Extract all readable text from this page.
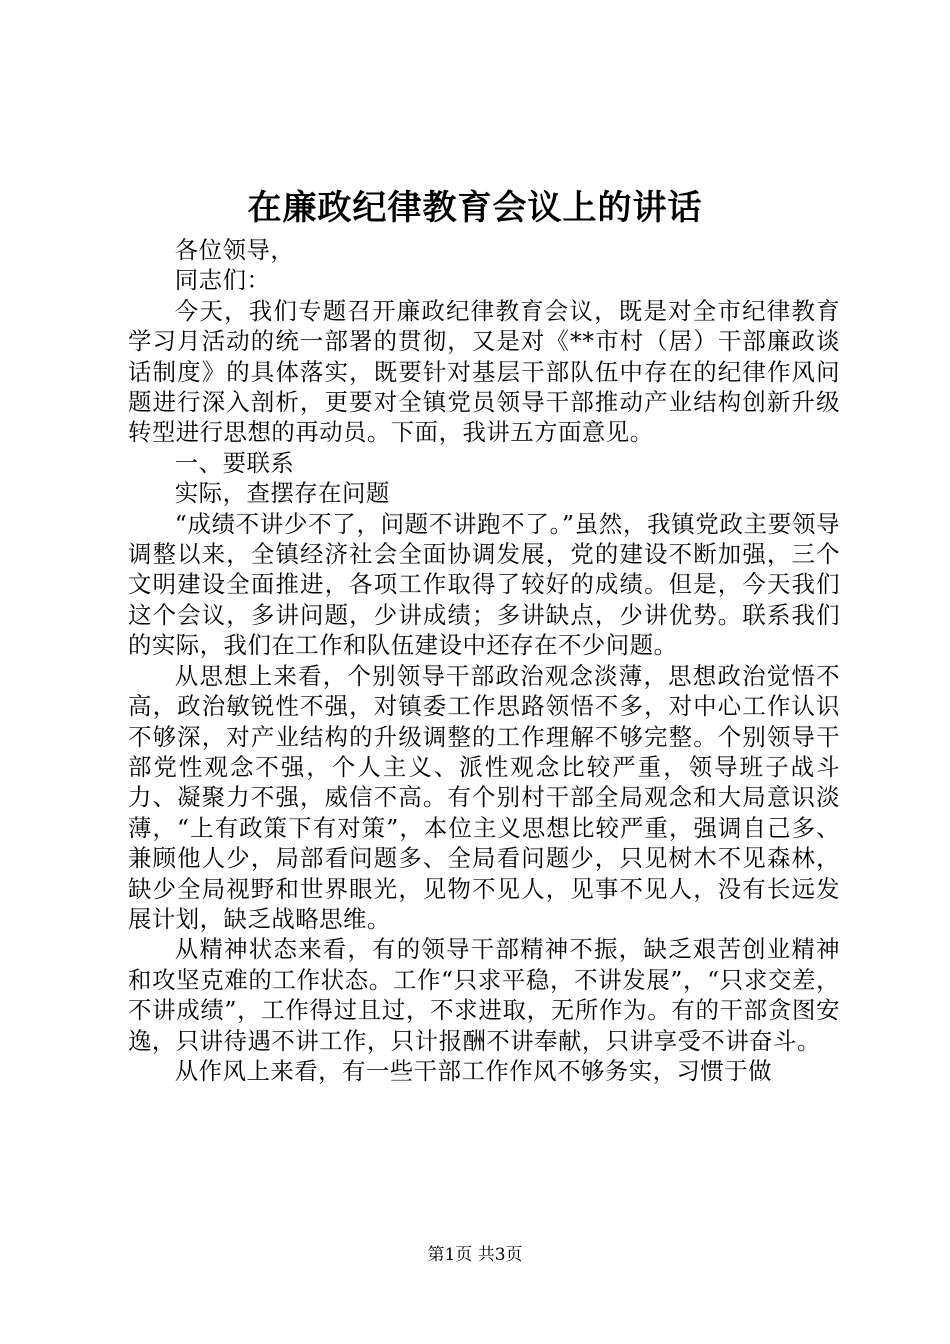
在廉政纪律教育会议上的讲话

各位领导，

同志们：

今天，我们专题召开廉政纪律教育会议，既是对全市纪律教育学习月活动的统一部署的贯彻，又是对《**市村（居）干部廉政谈话制度》的具体落实，既要针对基层干部队伍中存在的纪律作风问题进行深入剖析，更要对全镇党员领导干部推动产业结构创新升级转型进行思想的再动员。下面，我讲五方面意见。

一、要联系

实际，查摆存在问题

“成绩不讲少不了，问题不讲跑不了。”虽然，我镇党政主要领导调整以来，全镇经济社会全面协调发展，党的建设不断加强，三个文明建设全面推进，各项工作取得了较好的成绩。但是，今天我们这个会议，多讲问题，少讲成绩；多讲缺点，少讲优势。联系我们的实际，我们在工作和队伍建设中还存在不少问题。

从思想上来看，个别领导干部政治观念淡薄，思想政治觉悟不高，政治敏锐性不强，对镇委工作思路领悟不多，对中心工作认识不够深，对产业结构的升级调整的工作理解不够完整。个别领导干部党性观念不强，个人主义、派性观念比较严重，领导班子战斗力、凝聚力不强，威信不高。有个别村干部全局观念和大局意识淡薄，“上有政策下有对策”，本位主义思想比较严重，强调自己多、兼顾他人少，局部看问题多、全局看问题少，只见树木不见森林，缺少全局视野和世界眼光，见物不见人，见事不见人，没有长远发展计划，缺乏战略思维。

从精神状态来看，有的领导干部精神不振，缺乏艰苦创业精神和攻坚克难的工作状态。工作“只求平稳，不讲发展”，“只求交差，不讲成绩”，工作得过且过，不求进取，无所作为。有的干部贪图安逸，只讲待遇不讲工作，只计报酬不讲奉献，只讲享受不讲奋斗。

从作风上来看，有一些干部工作作风不够务实，习惯于做

第1页 共3页
